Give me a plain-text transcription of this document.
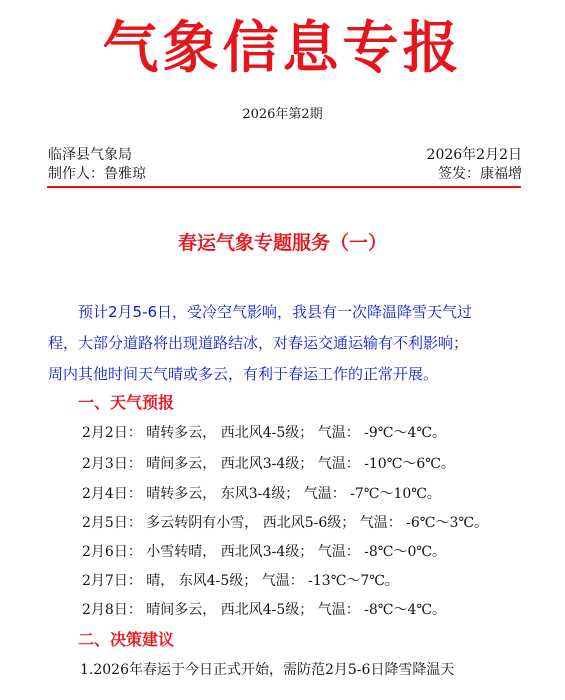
气象信息专报
2026年第2期
临泽县气象局	2026年2月2日
制作人：鲁雅琼	签发：康福增
春运气象专题服务（一）
预计2月5-6日，受冷空气影响，我县有一次降温降雪天气过
程，大部分道路将出现道路结冰，对春运交通运输有不利影响；
周内其他时间天气晴或多云，有利于春运工作的正常开展。
一、天气预报
2月2日： 晴转多云， 西北风4-5级； 气温： -9℃～4℃。
2月3日： 晴间多云， 西北风3-4级； 气温： -10℃～6℃。
2月4日： 晴转多云， 东风3-4级； 气温： -7℃～10℃。
2月5日： 多云转阴有小雪， 西北风5-6级； 气温： -6℃～3℃。
2月6日： 小雪转晴， 西北风3-4级； 气温： -8℃～0℃。
2月7日： 晴， 东风4-5级； 气温： -13℃～7℃。
2月8日： 晴间多云， 西北风4-5级； 气温： -8℃～4℃。
二、决策建议
1.2026年春运于今日正式开始，需防范2月5-6日降雪降温天
